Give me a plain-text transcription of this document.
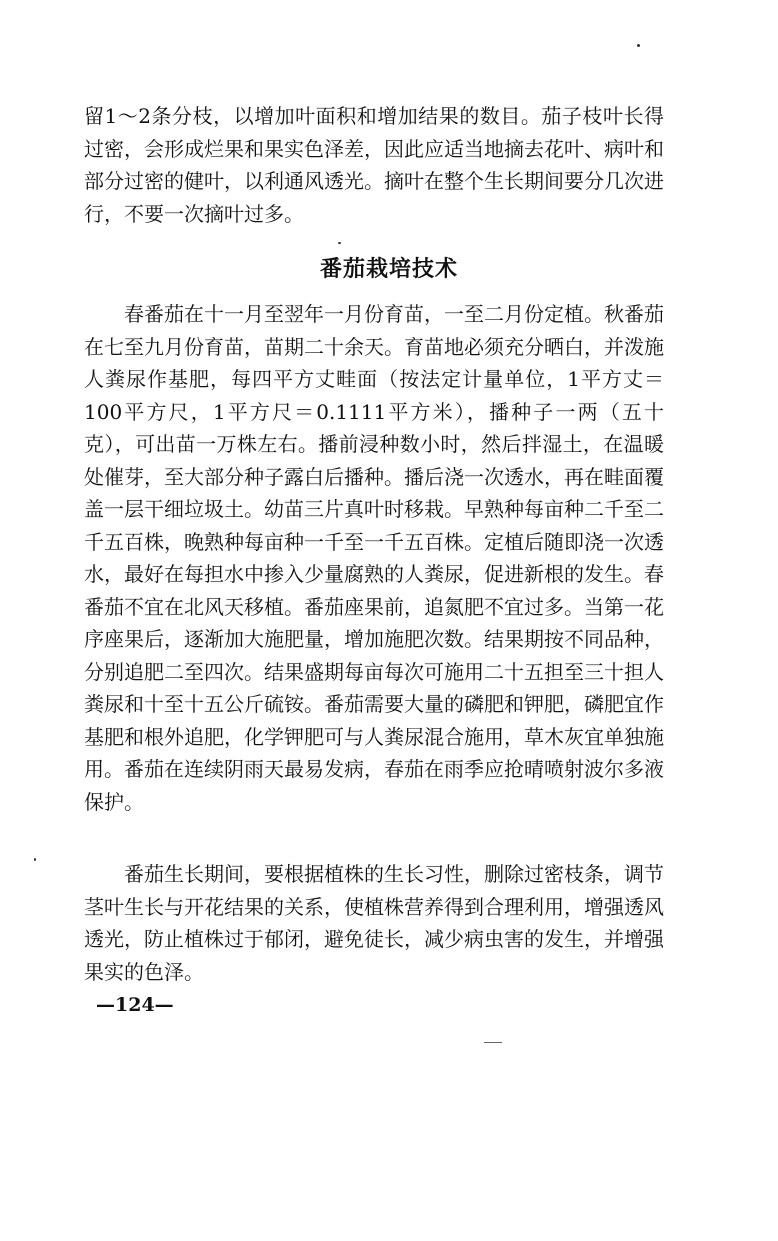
留1～2条分枝，以增加叶面积和增加结果的数目。茄子枝叶长得过密，会形成烂果和果实色泽差，因此应适当地摘去花叶、病叶和部分过密的健叶，以利通风透光。摘叶在整个生长期间要分几次进行，不要一次摘叶过多。

番茄栽培技术

春番茄在十一月至翌年一月份育苗，一至二月份定植。秋番茄在七至九月份育苗，苗期二十余天。育苗地必须充分晒白，并泼施人粪尿作基肥，每四平方丈畦面（按法定计量单位，1平方丈＝100平方尺，1平方尺＝0.1111平方米），播种子一两（五十克），可出苗一万株左右。播前浸种数小时，然后拌湿土，在温暖处催芽，至大部分种子露白后播种。播后浇一次透水，再在畦面覆盖一层干细垃圾土。幼苗三片真叶时移栽。早熟种每亩种二千至二千五百株，晚熟种每亩种一千至一千五百株。定植后随即浇一次透水，最好在每担水中掺入少量腐熟的人粪尿，促进新根的发生。春番茄不宜在北风天移植。番茄座果前，追氮肥不宜过多。当第一花序座果后，逐渐加大施肥量，增加施肥次数。结果期按不同品种，分别追肥二至四次。结果盛期每亩每次可施用二十五担至三十担人粪尿和十至十五公斤硫铵。番茄需要大量的磷肥和钾肥，磷肥宜作基肥和根外追肥，化学钾肥可与人粪尿混合施用，草木灰宜单独施用。番茄在连续阴雨天最易发病，春茄在雨季应抢晴喷射波尔多液保护。

番茄生长期间，要根据植株的生长习性，删除过密枝条，调节茎叶生长与开花结果的关系，使植株营养得到合理利用，增强透风透光，防止植株过于郁闭，避免徒长，减少病虫害的发生，并增强果实的色泽。

—124—
